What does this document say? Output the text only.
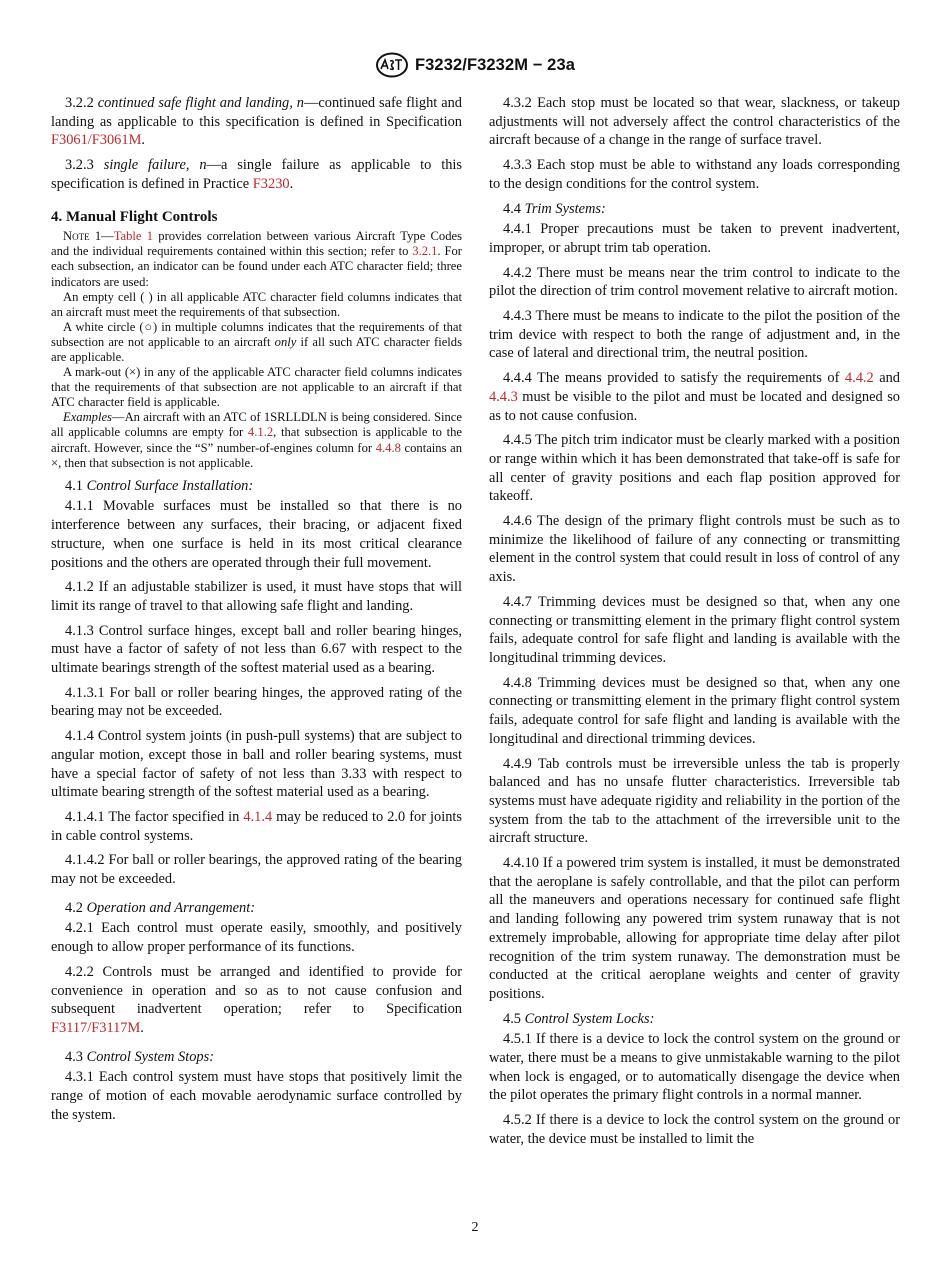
F3232/F3232M − 23a

3.2.2 continued safe flight and landing, n—continued safe flight and landing as applicable to this specification is defined in Specification F3061/F3061M.

3.2.3 single failure, n—a single failure as applicable to this specification is defined in Practice F3230.

4. Manual Flight Controls

Note 1—Table 1 provides correlation between various Aircraft Type Codes and the individual requirements contained within this section; refer to 3.2.1. For each subsection, an indicator can be found under each ATC character field; three indicators are used:

An empty cell ( ) in all applicable ATC character field columns indicates that an aircraft must meet the requirements of that subsection.

A white circle (○) in multiple columns indicates that the requirements of that subsection are not applicable to an aircraft only if all such ATC character fields are applicable.

A mark-out (×) in any of the applicable ATC character field columns indicates that the requirements of that subsection are not applicable to an aircraft if that ATC character field is applicable.

Examples—An aircraft with an ATC of 1SRLLDLN is being considered. Since all applicable columns are empty for 4.1.2, that subsection is applicable to the aircraft. However, since the “S” number-of-engines column for 4.4.8 contains an ×, then that subsection is not applicable.

4.1 Control Surface Installation:

4.1.1 Movable surfaces must be installed so that there is no interference between any surfaces, their bracing, or adjacent fixed structure, when one surface is held in its most critical clearance positions and the others are operated through their full movement.

4.1.2 If an adjustable stabilizer is used, it must have stops that will limit its range of travel to that allowing safe flight and landing.

4.1.3 Control surface hinges, except ball and roller bearing hinges, must have a factor of safety of not less than 6.67 with respect to the ultimate bearings strength of the softest material used as a bearing.

4.1.3.1 For ball or roller bearing hinges, the approved rating of the bearing may not be exceeded.

4.1.4 Control system joints (in push-pull systems) that are subject to angular motion, except those in ball and roller bearing systems, must have a special factor of safety of not less than 3.33 with respect to ultimate bearing strength of the softest material used as a bearing.

4.1.4.1 The factor specified in 4.1.4 may be reduced to 2.0 for joints in cable control systems.

4.1.4.2 For ball or roller bearings, the approved rating of the bearing may not be exceeded.

4.2 Operation and Arrangement:

4.2.1 Each control must operate easily, smoothly, and positively enough to allow proper performance of its functions.

4.2.2 Controls must be arranged and identified to provide for convenience in operation and so as to not cause confusion and subsequent inadvertent operation; refer to Specification F3117/F3117M.

4.3 Control System Stops:

4.3.1 Each control system must have stops that positively limit the range of motion of each movable aerodynamic surface controlled by the system.

4.3.2 Each stop must be located so that wear, slackness, or takeup adjustments will not adversely affect the control characteristics of the aircraft because of a change in the range of surface travel.

4.3.3 Each stop must be able to withstand any loads corresponding to the design conditions for the control system.

4.4 Trim Systems:

4.4.1 Proper precautions must be taken to prevent inadvertent, improper, or abrupt trim tab operation.

4.4.2 There must be means near the trim control to indicate to the pilot the direction of trim control movement relative to aircraft motion.

4.4.3 There must be means to indicate to the pilot the position of the trim device with respect to both the range of adjustment and, in the case of lateral and directional trim, the neutral position.

4.4.4 The means provided to satisfy the requirements of 4.4.2 and 4.4.3 must be visible to the pilot and must be located and designed so as to not cause confusion.

4.4.5 The pitch trim indicator must be clearly marked with a position or range within which it has been demonstrated that take-off is safe for all center of gravity positions and each flap position approved for takeoff.

4.4.6 The design of the primary flight controls must be such as to minimize the likelihood of failure of any connecting or transmitting element in the control system that could result in loss of control of any axis.

4.4.7 Trimming devices must be designed so that, when any one connecting or transmitting element in the primary flight control system fails, adequate control for safe flight and landing is available with the longitudinal trimming devices.

4.4.8 Trimming devices must be designed so that, when any one connecting or transmitting element in the primary flight control system fails, adequate control for safe flight and landing is available with the longitudinal and directional trimming devices.

4.4.9 Tab controls must be irreversible unless the tab is properly balanced and has no unsafe flutter characteristics. Irreversible tab systems must have adequate rigidity and reliability in the portion of the system from the tab to the attachment of the irreversible unit to the aircraft structure.

4.4.10 If a powered trim system is installed, it must be demonstrated that the aeroplane is safely controllable, and that the pilot can perform all the maneuvers and operations necessary for continued safe flight and landing following any powered trim system runaway that is not extremely improbable, allowing for appropriate time delay after pilot recognition of the trim system runaway. The demonstration must be conducted at the critical aeroplane weights and center of gravity positions.

4.5 Control System Locks:

4.5.1 If there is a device to lock the control system on the ground or water, there must be a means to give unmistakable warning to the pilot when lock is engaged, or to automatically disengage the device when the pilot operates the primary flight controls in a normal manner.

4.5.2 If there is a device to lock the control system on the ground or water, the device must be installed to limit the

2
